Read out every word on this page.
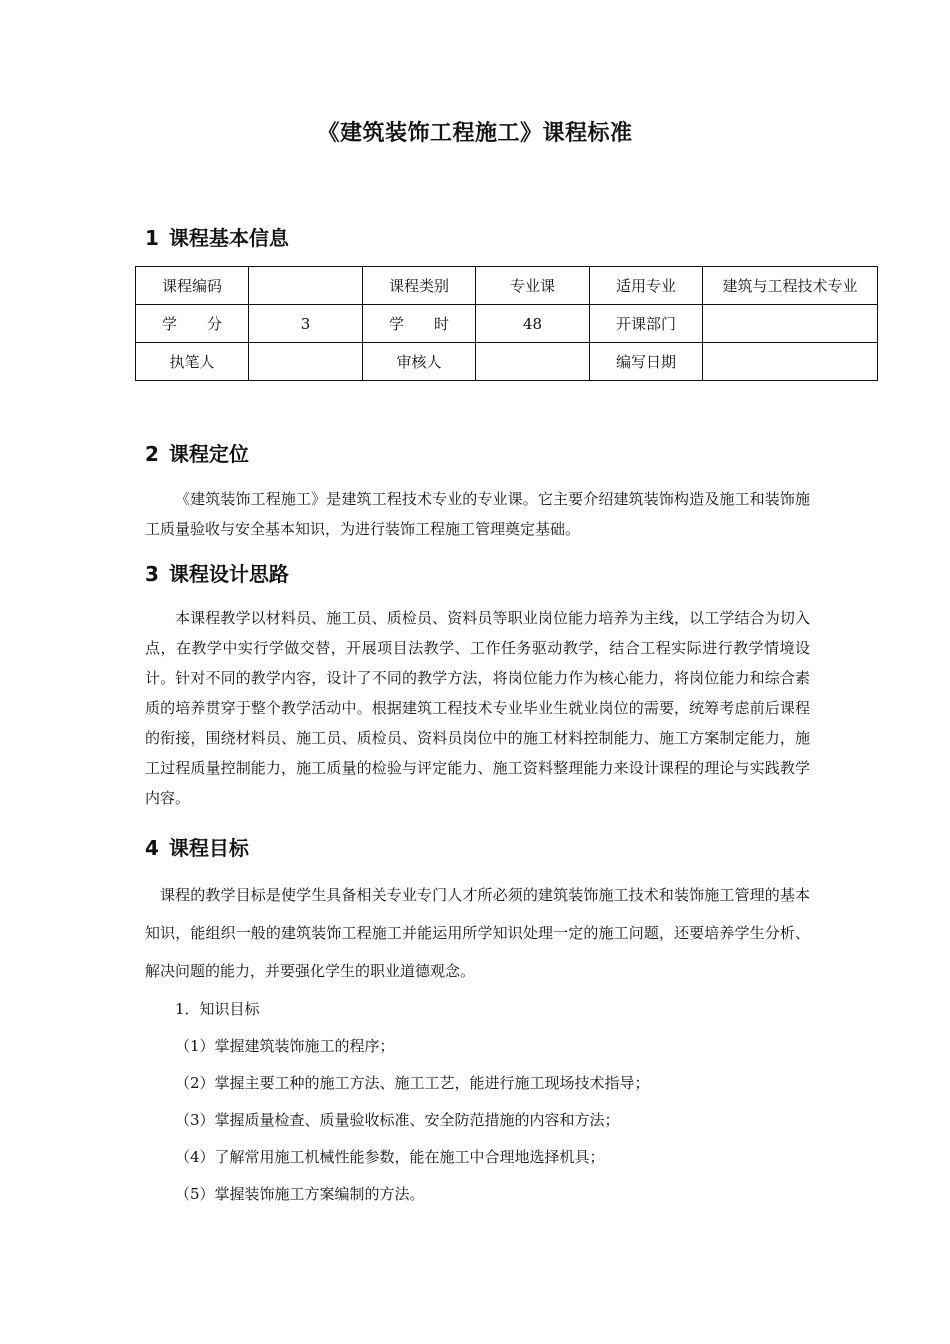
《建筑装饰工程施工》课程标准
1 课程基本信息
课程编码		课程类别	专业课	适用专业	建筑与工程技术专业
学　　分	3	学　　时	48	开课部门	
执笔人		审核人		编写日期	
2 课程定位
《建筑装饰工程施工》是建筑工程技术专业的专业课。它主要介绍建筑装饰构造及施工和装饰施工质量验收与安全基本知识，为进行装饰工程施工管理奠定基础。
3 课程设计思路
本课程教学以材料员、施工员、质检员、资料员等职业岗位能力培养为主线，以工学结合为切入点，在教学中实行学做交替，开展项目法教学、工作任务驱动教学，结合工程实际进行教学情境设计。针对不同的教学内容，设计了不同的教学方法，将岗位能力作为核心能力，将岗位能力和综合素质的培养贯穿于整个教学活动中。根据建筑工程技术专业毕业生就业岗位的需要，统筹考虑前后课程的衔接，围绕材料员、施工员、质检员、资料员岗位中的施工材料控制能力、施工方案制定能力，施工过程质量控制能力，施工质量的检验与评定能力、施工资料整理能力来设计课程的理论与实践教学内容。
4 课程目标
课程的教学目标是使学生具备相关专业专门人才所必须的建筑装饰施工技术和装饰施工管理的基本知识，能组织一般的建筑装饰工程施工并能运用所学知识处理一定的施工问题，还要培养学生分析、解决问题的能力，并要强化学生的职业道德观念。
1．知识目标
（1）掌握建筑装饰施工的程序；
（2）掌握主要工种的施工方法、施工工艺，能进行施工现场技术指导；
（3）掌握质量检查、质量验收标准、安全防范措施的内容和方法；
（4）了解常用施工机械性能参数，能在施工中合理地选择机具；
（5）掌握装饰施工方案编制的方法。
